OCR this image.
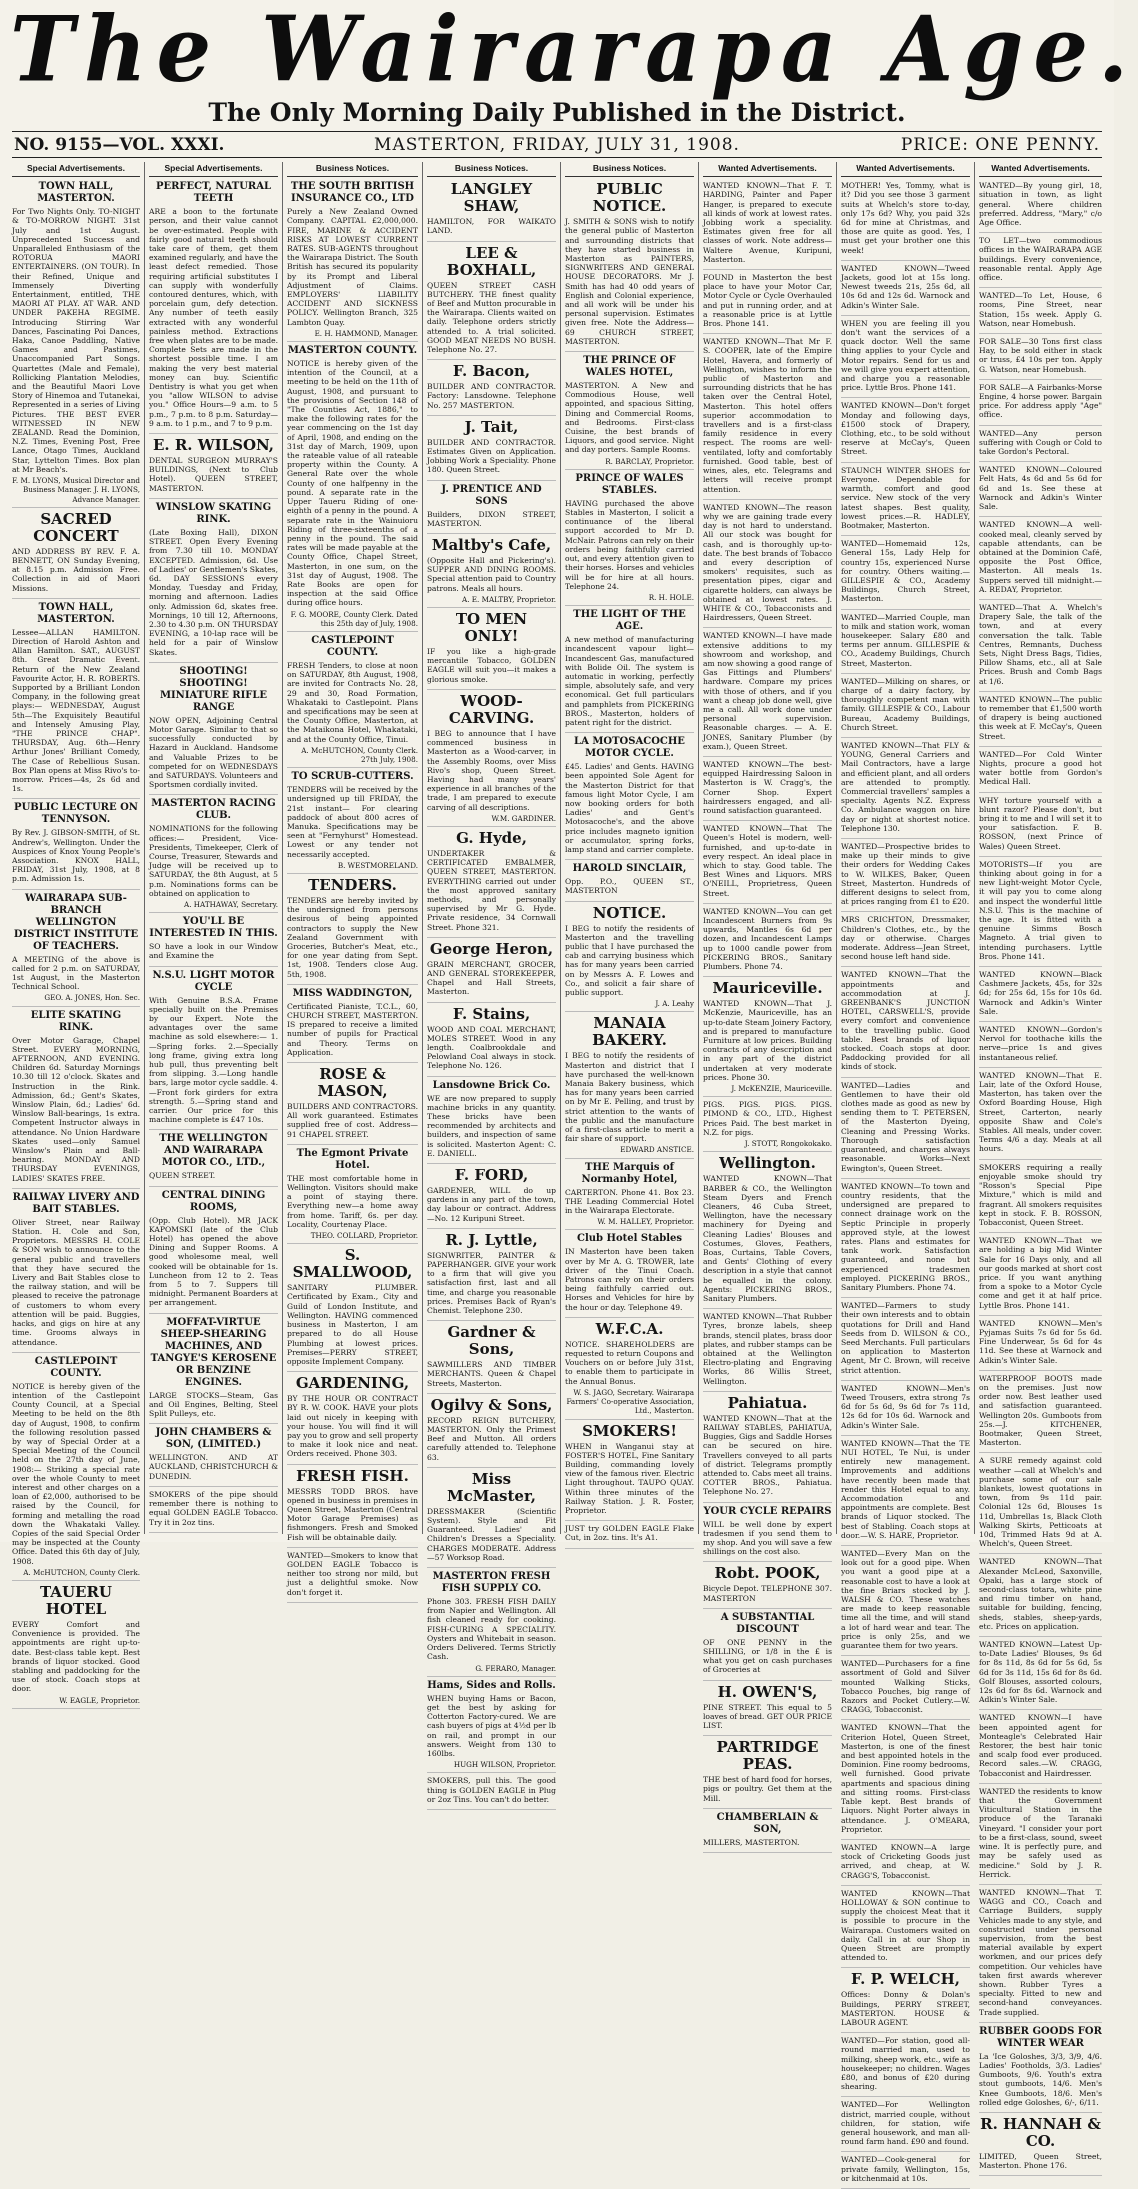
The Wairarapa Age.
The Only Morning Daily Published in the District.
MASTERTON, FRIDAY, JULY 31, 1908.
NO. 9155—VOL. XXXI.	PRICE: ONE PENNY.
Special Advertisements.
TOWN HALL, MASTERTON.
For Two Nights Only. TO-NIGHT & TO-MORROW NIGHT. 31st July and 1st August. Unprecedented Success and Unparalleled Enthusiasm of the ROTORUA MAORI ENTERTAINERS. (ON TOUR). In their Refined, Unique and Immensely Diverting Entertainment, entitled, THE MAORI AT PLAY. AT WAR. AND UNDER PAKEHA REGIME. Introducing Stirring War Dances, Fascinating Poi Dances, Haka, Canoe Paddling, Native Games and Pastimes, Unaccompanied Part Songs. Quartettes (Male and Female), Rollicking Plantation Melodies, and the Beautiful Maori Love Story of Hinemoa and Tutanekai, Represented in a series of Living Pictures. THE BEST EVER WITNESSED IN NEW ZEALAND. Read the Dominion, N.Z. Times, Evening Post, Free Lance, Otago Times, Auckland Star, Lyttelton Times. Box plan at Mr Beach's.
F. M. LYONS, Musical Director and Business Manager. J. H. LYONS, Advance Manager.
SACRED CONCERT
AND ADDRESS BY REV. F. A. BENNETT, ON Sunday Evening, at 8.15 p.m. Admission Free. Collection in aid of Maori Missions.
TOWN HALL, MASTERTON.
Lessee—ALLAN HAMILTON. Direction of Harold Ashton and Allan Hamilton. SAT., AUGUST 8th. Great Dramatic Event. Return of the New Zealand Favourite Actor, H. R. ROBERTS. Supported by a Brilliant London Company, in the following great plays:— WEDNESDAY, August 5th—The Exquisitely Beautiful and Intensely Amusing Play, "THE PRINCE CHAP". THURSDAY, Aug. 6th—Henry Arthur Jones' Brilliant Comedy, The Case of Rebellious Susan. Box Plan opens at Miss Rivo's to-morrow. Prices—4s, 2s 6d and 1s.
PUBLIC LECTURE ON TENNYSON.
By Rev. J. GIBSON-SMITH, of St. Andrew's, Wellington. Under the Auspices of Knox Young People's Association. KNOX HALL, FRIDAY, 31st July, 1908, at 8 p.m. Admission 1s.
WAIRARAPA SUB-BRANCH WELLINGTON DISTRICT INSTITUTE OF TEACHERS.
A MEETING of the above is called for 2 p.m. on SATURDAY, 1st August, in the Masterton Technical School.
GEO. A. JONES, Hon. Sec.
ELITE SKATING RINK.
Over Motor Garage, Chapel Street. EVERY MORNING, AFTERNOON, AND EVENING. Children 6d. Saturday Mornings 10.30 till 12 o'clock. Skates and Instruction in the Rink. Admission, 6d.; Gent's Skates, Winslow Plain, 6d.; Ladies' 6d. Winslow Ball-bearings, 1s extra. Competent Instructor always in attendance. No Union Hardware Skates used—only Samuel Winslow's Plain and Ball-bearing. MONDAY AND THURSDAY EVENINGS, LADIES' SKATES FREE.
RAILWAY LIVERY AND BAIT STABLES.
Oliver Street, near Railway Station. H. Cole and Son, Proprietors. MESSRS H. COLE & SON wish to announce to the general public and travellers that they have secured the Livery and Bait Stables close to the railway station, and will be pleased to receive the patronage of customers to whom every attention will be paid. Buggies, hacks, and gigs on hire at any time. Grooms always in attendance.
CASTLEPOINT COUNTY.
NOTICE is hereby given of the intention of the Castlepoint County Council, at a Special Meeting to be held on the 8th day of August, 1908, to confirm the following resolution passed by way of Special Order at a Special Meeting of the Council held on the 27th day of June, 1908:— Striking a special rate over the whole County to meet interest and other charges on a loan of £2,000, authorised to be raised by the Council, for forming and metalling the road down the Whakataki Valley. Copies of the said Special Order may be inspected at the County Office. Dated this 6th day of July, 1908.
A. McHUTCHON, County Clerk.
TAUERU HOTEL
EVERY Comfort and Convenience is provided. The appointments are right up-to-date. Best-class table kept. Best brands of liquor stocked. Good stabling and paddocking for the use of stock. Coach stops at door.
W. EAGLE, Proprietor.
Special Advertisements.
PERFECT, NATURAL TEETH
ARE a boon to the fortunate person, and their value cannot be over-estimated. People with fairly good natural teeth should take care of them, get them examined regularly, and have the least defect remedied. Those requiring artificial substitutes I can supply with wonderfully contoured dentures, which, with porcelain gum, defy detection. Any number of teeth easily extracted with any wonderful painless method. Extractions free when plates are to be made. Complete Sets are made in the shortest possible time. I am making the very best material money can buy. Scientific Dentistry is what you get when you "allow WILSON to advise you." Office Hours—9 a.m. to 5 p.m., 7 p.m. to 8 p.m. Saturday—9 a.m. to 1 p.m., and 7 to 9 p.m.
E. R. WILSON,
DENTAL SURGEON MURRAY'S BUILDINGS, (Next to Club Hotel). QUEEN STREET, MASTERTON.
WINSLOW SKATING RINK.
(Late Boxing Hall), DIXON STREET. Open Every Evening from 7.30 till 10. MONDAY EXCEPTED. Admission, 6d. Use of Ladies' or Gentlemen's Skates, 6d. DAY SESSIONS every Monday, Tuesday and Friday, morning and afternoon. Ladies only. Admission 6d, skates free. Mornings, 10 till 12, Afternoons, 2.30 to 4.30 p.m. ON THURSDAY EVENING, a 10-lap race will be held for a pair of Winslow Skates.
SHOOTING! SHOOTING! MINIATURE RIFLE RANGE
NOW OPEN, Adjoining Central Motor Garage. Similar to that so successfully conducted by Hazard in Auckland. Handsome and Valuable Prizes to be competed for on WEDNESDAYS and SATURDAYS. Volunteers and Sportsmen cordially invited.
MASTERTON RACING CLUB.
NOMINATIONS for the following offices:— President, Vice-Presidents, Timekeeper, Clerk of Course, Treasurer, Stewards and Judge will be received up to SATURDAY, the 8th August, at 5 p.m. Nominations forms can be obtained on application to
A. HATHAWAY, Secretary.
YOU'LL BE INTERESTED IN THIS.
SO have a look in our Window and Examine the
N.S.U. LIGHT MOTOR CYCLE
With Genuine B.S.A. Frame specially built on the Premises by our Expert. Note the advantages over the same machine as sold elsewhere:— 1.—Spring forks. 2.—Specially long frame, giving extra long hub pull, thus preventing belt from slipping. 3.—Long handle bars, large motor cycle saddle. 4.—Front fork girders for extra strength. 5.—Spring stand and carrier. Our price for this machine complete is £47 10s.
THE WELLINGTON AND WAIRARAPA MOTOR CO., LTD.,
QUEEN STREET.
CENTRAL DINING ROOMS,
(Opp. Club Hotel). MR JACK KAPOMSKI (late of the Club Hotel) has opened the above Dining and Supper Rooms. A good wholesome meal, well cooked will be obtainable for 1s. Luncheon from 12 to 2. Teas from 5 to 7. Suppers till midnight. Permanent Boarders at per arrangement.
MOFFAT-VIRTUE SHEEP-SHEARING MACHINES, AND TANGYE'S KEROSENE OR BENZINE ENGINES.
LARGE STOCKS—Steam, Gas and Oil Engines, Belting, Steel Split Pulleys, etc.
JOHN CHAMBERS & SON, (LIMITED.)
WELLINGTON. AND AT AUCKLAND, CHRISTCHURCH & DUNEDIN.
SMOKERS of the pipe should remember there is nothing to equal GOLDEN EAGLE Tobacco. Try it in 2oz tins.
Business Notices.
THE SOUTH BRITISH INSURANCE CO., LTD
Purely a New Zealand Owned Company. CAPITAL £2,000,000. FIRE, MARINE & ACCIDENT RISKS AT LOWEST CURRENT RATES. SUB-AGENTS throughout the Wairarapa District. The South British has secured its popularity by its Prompt and Liberal Adjustment of Claims. EMPLOYERS' LIABILITY ACCIDENT AND SICKNESS POLICY. Wellington Branch, 325 Lambton Quay.
E. H. HAMMOND, Manager.
MASTERTON COUNTY.
NOTICE is hereby given of the intention of the Council, at a meeting to be held on the 11th of August, 1908, and pursuant to the provisions of Section 148 of "The Counties Act, 1886," to make the following rates for the year commencing on the 1st day of April, 1908, and ending on the 31st day of March, 1909, upon the rateable value of all rateable property within the County. A General Rate over the whole County of one halfpenny in the pound. A separate rate in the Upper Taueru Riding of one-eighth of a penny in the pound. A separate rate in the Wainuioru Riding of three-sixteenths of a penny in the pound. The said rates will be made payable at the County Office, Chapel Street, Masterton, in one sum, on the 31st day of August, 1908. The Rate Books are open for inspection at the said Office during office hours.
F. G. MOORE, County Clerk. Dated this 25th day of July, 1908.
CASTLEPOINT COUNTY.
FRESH Tenders, to close at noon on SATURDAY, 8th August, 1908, are invited for Contracts No. 28, 29 and 30, Road Formation, Whakataki to Castlepoint. Plans and specifications may be seen at the County Office, Masterton, at the Mataikona Hotel, Whakataki, and at the County Office, Tinui.
A. McHUTCHON, County Clerk. 27th July, 1908.
TO SCRUB-CUTTERS.
TENDERS will be received by the undersigned up till FRIDAY, the 21st instant— For clearing paddock of about 800 acres of Manuka. Specifications may be seen at "Fernyhurst" Homestead. Lowest or any tender not necessarily accepted.
B. WESTMORELAND.
TENDERS.
TENDERS are hereby invited by the undersigned from persons desirous of being appointed contractors to supply the New Zealand Government with Groceries, Butcher's Meat, etc., for one year dating from Sept. 1st, 1908. Tenders close Aug. 5th, 1908.
MISS WADDINGTON,
Certificated Pianiste, T.C.L., 60, CHURCH STREET, MASTERTON. IS prepared to receive a limited number of pupils for Practical and Theory. Terms on Application.
ROSE & MASON,
BUILDERS AND CONTRACTORS. All work guaranteed. Estimates supplied free of cost. Address— 91 CHAPEL STREET.
The Egmont Private Hotel.
THE most comfortable home in Wellington. Visitors should make a point of staying there. Everything new—a home away from home. Tariff, 6s. per day. Locality, Courtenay Place.
THEO. COLLARD, Proprietor.
S. SMALLWOOD,
SANITARY PLUMBER. Certificated by Exam., City and Guild of London Institute, and Wellington. HAVING commenced business in Masterton, I am prepared to do all House Plumbing at lowest prices. Premises—PERRY STREET, opposite Implement Company.
GARDENING,
BY THE HOUR OR CONTRACT BY R. W. COOK. HAVE your plots laid out nicely in keeping with your house. You will find it will pay you to grow and sell property to make it look nice and neat. Orders received. Phone 303.
FRESH FISH.
MESSRS TODD BROS. have opened in business in premises in Queen Street, Masterton (Central Motor Garage Premises) as fishmongers. Fresh and Smoked Fish will be obtainable daily.
WANTED—Smokers to know that GOLDEN EAGLE Tobacco is neither too strong nor mild, but just a delightful smoke. Now don't forget it.
Business Notices.
LANGLEY SHAW,
HAMILTON, FOR WAIKATO LAND.
LEE & BOXHALL,
QUEEN STREET CASH BUTCHERY. THE finest quality of Beef and Mutton procurable in the Wairarapa. Clients waited on daily. Telephone orders strictly attended to. A trial solicited. GOOD MEAT NEEDS NO BUSH. Telephone No. 27.
F. Bacon,
BUILDER AND CONTRACTOR. Factory: Lansdowne. Telephone No. 257 MASTERTON.
J. Tait,
BUILDER AND CONTRACTOR. Estimates Given on Application. Jobbing Work a Speciality. Phone 180. Queen Street.
J. PRENTICE AND SONS
Builders, DIXON STREET, MASTERTON.
Maltby's Cafe,
(Opposite Hall and Pickering's). SUPPER AND DINING ROOMS. Special attention paid to Country patrons. Meals all hours.
A. E. MALTBY, Proprietor.
TO MEN ONLY!
IF you like a high-grade mercantile Tobacco, GOLDEN EAGLE will suit you—it makes a glorious smoke.
WOOD-CARVING.
I BEG to announce that I have commenced business in Masterton as a Wood-carver, in the Assembly Rooms, over Miss Rivo's shop, Queen Street. Having had many years' experience in all branches of the trade, I am prepared to execute carving of all descriptions.
W.M. GARDINER.
G. Hyde,
UNDERTAKER & CERTIFICATED EMBALMER, QUEEN STREET, MASTERTON. EVERYTHING carried out under the most approved sanitary methods, and personally supervised by Mr G. Hyde. Private residence, 34 Cornwall Street. Phone 321.
George Heron,
GRAIN MERCHANT, GROCER, AND GENERAL STOREKEEPER, Chapel and Hall Streets, Masterton.
F. Stains,
WOOD AND COAL MERCHANT, MOLES STREET. Wood in any length. Coalbrookdale and Pelowland Coal always in stock. Telephone No. 126.
Lansdowne Brick Co.
WE are now prepared to supply machine bricks in any quantity. These bricks have been recommended by architects and builders, and inspection of same is solicited. Masterton Agent: C. E. DANIELL.
F. FORD,
GARDENER, WILL do up gardens in any part of the town, day labour or contract. Address—No. 12 Kuripuni Street.
R. J. Lyttle,
SIGNWRITER, PAINTER & PAPERHANGER. GIVE your work to a firm that will give you satisfaction first, last and all time, and charge you reasonable prices. Premises Back of Ryan's Chemist. Telephone 230.
Gardner & Sons,
SAWMILLERS AND TIMBER MERCHANTS. Queen & Chapel Streets, Masterton.
Ogilvy & Sons,
RECORD REIGN BUTCHERY, MASTERTON. Only the Primest Beef and Mutton. All orders carefully attended to. Telephone 63.
Miss McMaster,
DRESSMAKER (Scientific System). Style and Fit Guaranteed. Ladies' and Children's Dresses a Speciality. CHARGES MODERATE. Address—57 Worksop Road.
MASTERTON FRESH FISH SUPPLY CO.
Phone 303. FRESH FISH DAILY from Napier and Wellington. All fish cleaned ready for cooking. FISH-CURING A SPECIALITY. Oysters and Whitebait in season. Orders Delivered. Terms Strictly Cash.
G. FERARO, Manager.
Hams, Sides and Rolls.
WHEN buying Hams or Bacon, get the best by asking for Cotterton Factory-cured. We are cash buyers of pigs at 4½d per lb on rail, and prompt in our answers. Weight from 130 to 160lbs.
HUGH WILSON, Proprietor.
SMOKERS, pull this. The good thing is GOLDEN EAGLE in Plug or 2oz Tins. You can't do better.
Business Notices.
PUBLIC NOTICE.
J. SMITH & SONS wish to notify the general public of Masterton and surrounding districts that they have started business in Masterton as PAINTERS, SIGNWRITERS AND GENERAL HOUSE DECORATORS. Mr J. Smith has had 40 odd years of English and Colonial experience, and all work will be under his personal supervision. Estimates given free. Note the Address— 69 CHURCH STREET, MASTERTON.
THE PRINCE OF WALES HOTEL,
MASTERTON. A New and Commodious House, well appointed, and spacious Sitting, Dining and Commercial Rooms, and Bedrooms. First-class Cuisine, the best brands of Liquors, and good service. Night and day porters. Sample Rooms.
R. BARCLAY, Proprietor.
PRINCE OF WALES STABLES.
HAVING purchased the above Stables in Masterton, I solicit a continuance of the liberal support accorded to Mr D. McNair. Patrons can rely on their orders being faithfully carried out, and every attention given to their horses. Horses and vehicles will be for hire at all hours. Telephone 24.
R. H. HOLE.
THE LIGHT OF THE AGE.
A new method of manufacturing incandescent vapour light—Incandescent Gas, manufactured with Bolide Oil. The system is automatic in working, perfectly simple, absolutely safe, and very economical. Get full particulars and pamphlets from PICKERING BROS., Masterton, holders of patent right for the district.
LA MOTOSACOCHE MOTOR CYCLE.
£45. Ladies' and Gents. HAVING been appointed Sole Agent for the Masterton District for that famous light Motor Cycle, I am now booking orders for both Ladies' and Gent's Motosacoche's, and the above price includes magneto ignition or accumulator, spring forks, lamp stand and carrier complete.
HAROLD SINCLAIR,
Opp. P.O., QUEEN ST., MASTERTON
NOTICE.
I BEG to notify the residents of Masterton and the travelling public that I have purchased the cab and carrying business which has for many years been carried on by Messrs A. F. Lowes and Co., and solicit a fair share of public support.
J. A. Leahy
MANAIA BAKERY.
I BEG to notify the residents of Masterton and district that I have purchased the well-known Manaia Bakery business, which has for many years been carried on by Mr E. Pelling, and trust by strict attention to the wants of the public and the manufacture of a first-class article to merit a fair share of support.
EDWARD ANSTICE.
THE Marquis of Normanby Hotel,
CARTERTON. Phone 41. Box 23. THE Leading Commercial Hotel in the Wairarapa Electorate.
W. M. HALLEY, Proprietor.
Club Hotel Stables
IN Masterton have been taken over by Mr A. G. TROWER, late driver of the Tinui Coach. Patrons can rely on their orders being faithfully carried out. Horses and Vehicles for hire by the hour or day. Telephone 49.
W.F.C.A.
NOTICE. SHAREHOLDERS are requested to return Coupons and Vouchers on or before July 31st, to enable them to participate in the Annual Bonus.
W. S. JAGO, Secretary. Wairarapa Farmers' Co-operative Association, Ltd., Masterton.
SMOKERS!
WHEN in Wanganui stay at FOSTER'S HOTEL, Fine Sanitary Building, commanding lovely view of the famous river. Electric Light throughout. TAUPO QUAY. Within three minutes of the Railway Station. J. R. Foster, Proprietor.
JUST try GOLDEN EAGLE Flake Cut, in 2oz. tins. It's A1.
Wanted Advertisements.
WANTED KNOWN—That F. T. HARDING, Painter and Paper Hanger, is prepared to execute all kinds of work at lowest rates. Jobbing work a speciality. Estimates given free for all classes of work. Note address—Waltere Avenue, Kuripuni, Masterton.
FOUND in Masterton the best place to have your Motor Car, Motor Cycle or Cycle Overhauled and put in running order, and at a reasonable price is at Lyttle Bros. Phone 141.
WANTED KNOWN—That Mr F. S. COOPER, late of the Empire Hotel, Havera, and formerly of Wellington, wishes to inform the public of Masterton and surrounding districts that he has taken over the Central Hotel, Masterton. This hotel offers superior accommodation to travellers and is a first-class family residence in every respect. The rooms are well-ventilated, lofty and comfortably furnished. Good table, best of wines, ales, etc. Telegrams and letters will receive prompt attention.
WANTED KNOWN—The reason why we are gaining trade every day is not hard to understand. All our stock was bought for cash, and is thoroughly up-to-date. The best brands of Tobacco and every description of smokers' requisites, such as presentation pipes, cigar and cigarette holders, can always be obtained at lowest rates. J. WHITE & CO., Tobacconists and Hairdressers, Queen Street.
WANTED KNOWN—I have made extensive additions to my showroom and workshop, and am now showing a good range of Gas Fittings and Plumbers' hardware. Compare my prices with those of others, and if you want a cheap job done well, give me a call. All work done under personal supervision. Reasonable charges. — A. E. JONES, Sanitary Plumber (by exam.), Queen Street.
WANTED KNOWN—The best-equipped Hairdressing Saloon in Masterton is W. Cragg's, the Corner Shop. Expert hairdressers engaged, and all-round satisfaction guaranteed.
WANTED KNOWN—That The Queen's Hotel is modern, well-furnished, and up-to-date in every respect. An ideal place in which to stay. Good table. The Best Wines and Liquors. MRS O'NEILL, Proprietress, Queen Street.
WANTED KNOWN—You can get Incandescent Burners from 9s upwards, Mantles 6s 6d per dozen, and Incandescent Lamps up to 1000 candle power from PICKERING BROS., Sanitary Plumbers. Phone 74.
Mauriceville.
WANTED KNOWN—That J. McKenzie, Mauriceville, has an up-to-date Steam Joinery Factory, and is prepared to manufacture Furniture at low prices. Building contracts of any description and in any part of the district undertaken at very moderate prices. Phone 30.
J. McKENZIE, Mauriceville.
PIGS. PIGS. PIGS. PIGS. PIMOND & CO., LTD., Highest Prices Paid. The best market in N.Z. for pigs.
J. STOTT, Rongokokako.
Wellington.
WANTED KNOWN—That BARBER & CO., the Wellington Steam Dyers and French Cleaners, 46 Cuba Street, Wellington, have the necessary machinery for Dyeing and Cleaning Ladies' Blouses and Costumes, Gloves, Feathers, Boas, Curtains, Table Covers, and Gents' Clothing of every description in a style that cannot be equalled in the colony. Agents: PICKERING BROS., Sanitary Plumbers.
WANTED KNOWN—That Rubber Tyres, bronze labels, sheep brands, stencil plates, brass door plates, and rubber stamps can be obtained at the Wellington Electro-plating and Engraving Works, 86 Willis Street, Wellington.
Pahiatua.
WANTED KNOWN—That at the RAILWAY STABLES, PAHIATUA, Buggies, Gigs and Saddle Horses can be secured on hire. Travellers conveyed to all parts of district. Telegrams promptly attended to. Cabs meet all trains. COTTER BROS., Pahiatua. Telephone No. 27.
YOUR CYCLE REPAIRS
WILL be well done by expert tradesmen if you send them to my shop. And you will save a few shillings on the cost also.
Robt. POOK,
Bicycle Depot. TELEPHONE 307. MASTERTON
A SUBSTANTIAL DISCOUNT
OF ONE PENNY in the SHILLING, or 1/8 in the £ is what you get on cash purchases of Groceries at
H. OWEN'S,
PINE STREET. This equal to 5 loaves of bread. GET OUR PRICE LIST.
PARTRIDGE PEAS.
THE best of hard food for horses, pigs or poultry. Get them at the Mill.
CHAMBERLAIN & SON,
MILLERS, MASTERTON.
Wanted Advertisements.
MOTHER! Yes, Tommy, what is it? Did you see those 3 garment suits at Whelch's store to-day, only 17s 6d? Why, you paid 32s 6d for mine at Christmas, and those are quite as good. Yes, I must get your brother one this week!
WANTED KNOWN—Tweed Jackets, good lot at 15s long. Newest tweeds 21s, 25s 6d, all 10s 6d and 12s 6d. Warnock and Adkin's Winter Sale.
WHEN you are feeling ill you don't want the services of a quack doctor. Well the same thing applies to your Cycle and Motor repairs. Send for us and we will give you expert attention, and charge you a reasonable price. Lyttle Bros. Phone 141.
WANTED KNOWN—Don't forget Monday and following days, £1500 stock of Drapery, Clothing, etc., to be sold without reserve at McCay's, Queen Street.
STAUNCH WINTER SHOES for Everyone. Dependable for warmth, comfort and good service. New stock of the very latest shapes. Best quality, lowest prices.—R. HADLEY, Bootmaker, Masterton.
WANTED—Homemaid 12s, General 15s, Lady Help for country 15s, experienced Nurse for country. Others waiting.—GILLESPIE & CO., Academy Buildings, Church Street, Masterton.
WANTED—Married Couple, man to milk and station work, woman housekeeper. Salary £80 and terms per annum. GILLESPIE & CO., Academy Buildings, Church Street, Masterton.
WANTED—Milking on shares, or charge of a dairy factory, by thoroughly competent man with family. GILLESPIE & CO., Labour Bureau, Academy Buildings, Church Street.
WANTED KNOWN—That FLY & YOUNG, General Carriers and Mail Contractors, have a large and efficient plant, and all orders are attended to promptly. Commercial travellers' samples a specialty. Agents N.Z. Express Co. Ambulance waggon on hire day or night at shortest notice. Telephone 130.
WANTED—Prospective brides to make up their minds to give their orders for Wedding Cakes to W. WILKES, Baker, Queen Street, Masterton. Hundreds of different designs to select from, at prices ranging from £1 to £20.
MRS CRICHTON, Dressmaker, Children's Clothes, etc., by the day or otherwise. Charges moderate. Address—Jean Street, second house left hand side.
WANTED KNOWN—That the appointments and accommodation at J. GREENBANK'S JUNCTION HOTEL, CARSWELL'S, provide every comfort and convenience to the travelling public. Good table. Best brands of liquor stocked. Coach stops at door. Paddocking provided for all kinds of stock.
WANTED—Ladies and Gentlemen to have their old clothes made as good as new by sending them to T. PETERSEN, of the Masterton Dyeing, Cleaning and Pressing Works. Thorough satisfaction guaranteed, and charges always reasonable. Works—Next Ewington's, Queen Street.
WANTED KNOWN—To town and country residents, that the undersigned are prepared to connect drainage work on the Septic Principle in properly approved style, at the lowest rates. Plans and estimates for tank work. Satisfaction guaranteed, and none but experienced tradesmen employed. PICKERING BROS., Sanitary Plumbers. Phone 74.
WANTED—Farmers to study their own interests and to obtain quotations for Drill and Hand Seeds from D. WILSON & CO., Seed Merchants. Full particulars on application to Masterton Agent, Mr C. Brown, will receive strict attention.
WANTED KNOWN—Men's Tweed Trousers, extra strong 7s 6d for 5s 6d, 9s 6d for 7s 11d, 12s 6d for 10s 6d. Warnock and Adkin's Winter Sale.
WANTED KNOWN—That the TE NUI HOTEL, Te Nui, is under entirely new management. Improvements and additions have recently been made that render this Hotel equal to any. Accommodation and appointments are complete. Best brands of Liquor stocked. The best of Stabling. Coach stops at door.—W. S. HARE, Proprietor.
WANTED—Every Man on the look out for a good pipe. When you want a good pipe at a reasonable cost to have a look at the fine Briars stocked by J. WALSH & CO. These watches are made to keep reasonable time all the time, and will stand a lot of hard wear and tear. The price is only 25s, and we guarantee them for two years.
WANTED—Purchasers for a fine assortment of Gold and Silver mounted Walking Sticks, Tobacco Pouches, big range of Razors and Pocket Cutlery.—W. CRAGG, Tobacconist.
WANTED KNOWN—That the Criterion Hotel, Queen Street, Masterton, is one of the finest and best appointed hotels in the Dominion. Fine roomy bedrooms, well furnished. Good private apartments and spacious dining and sitting rooms. First-class Table kept. Best brands of Liquors. Night Porter always in attendance. J. O'MEARA, Proprietor.
WANTED KNOWN—A large stock of Cricketing Goods just arrived, and cheap, at W. CRAGG'S, Tobacconist.
WANTED KNOWN—That HOLLOWAY & SON continue to supply the choicest Meat that it is possible to procure in the Wairarapa. Customers waited on daily. Call in at our Shop in Queen Street are promptly attended to.
F. P. WELCH,
Offices: Donny & Dolan's Buildings, PERRY STREET, MASTERTON. HOUSE & LABOUR AGENT.
WANTED—For station, good all-round married man, used to milking, sheep work, etc., wife as housekeeper; no children. Wages £80, and bonus of £20 during shearing.
WANTED—For Wellington district, married couple, without children, for station, wife general housework, and man all-round farm hand. £90 and found.
WANTED—Cook-general for private family, Wellington, 15s, or kitchenmaid at 10s.
Wanted Advertisements.
WANTED—By young girl, 18, situation in town, as light general. Where children preferred. Address, "Mary," c/o Age Office.
TO LET—two commodious offices in the WAIRARAPA AGE buildings. Every convenience, reasonable rental. Apply Age office.
WANTED—To Let, House, 6 rooms, Pine Street, near Station, 15s week. Apply G. Watson, near Homebush.
FOR SALE—30 Tons first class Hay, to be sold either in stack or truss, £4 10s per ton. Apply G. Watson, near Homebush.
FOR SALE—A Fairbanks-Morse Engine, 4 horse power. Bargain price. For address apply "Age" office.
WANTED—Any person suffering with Cough or Cold to take Gordon's Pectoral.
WANTED KNOWN—Coloured Felt Hats, 4s 6d and 5s 6d for 6d and 1s. See these at Warnock and Adkin's Winter Sale.
WANTED KNOWN—A well-cooked meal, cleanly served by capable attendants, can be obtained at the Dominion Café, opposite the Post Office, Masterton. All meals 1s. Suppers served till midnight.—A. REDAY, Proprietor.
WANTED—That A. Whelch's Drapery Sale, the talk of the town, and at every conversation the talk. Table Centres, Remnants, Duchess Sets, Night Dress Bags, Tidies, Pillow Shams, etc., all at Sale Prices. Brush and Comb Bags at 1/6.
WANTED KNOWN—The public to remember that £1,500 worth of drapery is being auctioned this week at F. McCay's, Queen Street.
WANTED—For Cold Winter Nights, procure a good hot water bottle from Gordon's Medical Hall.
WHY torture yourself with a blunt razor? Please don't, but bring it to me and I will set it to your satisfaction. F. B. ROSSON, (next Prince of Wales) Queen Street.
MOTORISTS—If you are thinking about going in for a new Light-weight Motor Cycle, it will pay you to come along and inspect the wonderful little N.S.U. This is the machine of the age. It is fitted with a genuine Simms Bosch Magneto. A trial given to intending purchasers. Lyttle Bros. Phone 141.
WANTED KNOWN—Black Cashmere Jackets, 45s, for 32s 6d; for 25s 6d, 15s for 10s 6d. Warnock and Adkin's Winter Sale.
WANTED KNOWN—Gordon's Nervol for toothache kills the nerve—price 1s and gives instantaneous relief.
WANTED KNOWN—That E. Lair, late of the Oxford House, Masterton, has taken over the Oxford Boarding House, High Street, Carterton, nearly opposite Shaw and Cole's Stables. All meals, under cover. Terms 4/6 a day. Meals at all hours.
SMOKERS requiring a really enjoyable smoke should try "Rosson's Special Pipe Mixture," which is mild and fragrant. All smokers requisites kept in stock. F. B. ROSSON, Tobacconist, Queen Street.
WANTED KNOWN—That we are holding a big Mid Winter Sale for 16 Days only, and all our goods marked at short cost price. If you want anything from a spoke to a Motor Cycle come and get it at half price. Lyttle Bros. Phone 141.
WANTED KNOWN—Men's Pyjamas Suits 7s 6d for 5s 6d. Fine Underwear, 5s 6d for 4s 11d. See these at Warnock and Adkin's Winter Sale.
WATERPROOF BOOTS made on the premises. Just now order now. Best leather used and satisfaction guaranteed. Wellington 20s. Gumboots from 25s.—J. KITCHENER, Bootmaker, Queen Street, Masterton.
A SURE remedy against cold weather —call at Whelch's and purchase some of our sale blankets, lowest quotations in town, from 9s 11d pair. Colonial 12s 6d, Blouses 1s 11d, Umbrellas 1s, Black Cloth Walking Skirts, Petticoats at 10d, Trimmed Hats 9d at A. Whelch's, Queen Street.
WANTED KNOWN—That Alexander McLeod, Saxonville, Opaki, has a large stock of second-class totara, white pine and rimu timber on hand, suitable for building, fencing, sheds, stables, sheep-yards, etc. Prices on application.
WANTED KNOWN—Latest Up-to-Date Ladies' Blouses, 9s 6d for 8s 11d, 8s 6d for 5s 6d, 5s 6d for 3s 11d, 15s 6d for 8s 6d. Golf Blouses, assorted colours, 12s 6d for 8s 6d. Warnock and Adkin's Winter Sale.
WANTED KNOWN—I have been appointed agent for Monteagle's Celebrated Hair Restorer, the best hair tonic and scalp food ever produced. Record sales.—W. CRAGG, Tobacconist and Hairdresser.
WANTED the residents to know that the Government Viticultural Station in the produce of the Taranaki Vineyard. "I consider your port to be a first-class, sound, sweet wine. It is perfectly pure, and may be safely used as medicine." Sold by J. R. Herrick.
WANTED KNOWN—That T. WAGG and CO., Coach and Carriage Builders, supply Vehicles made to any style, and constructed under personal supervision, from the best material available by expert workmen, and our prices defy competition. Our vehicles have taken first awards wherever shown. Rubber Tyres a specialty. Fitted to new and second-hand conveyances. Trade supplied.
RUBBER GOODS FOR WINTER WEAR
La 'Ice Goloshes, 3/3, 3/9, 4/6. Ladies' Footholds, 3/3. Ladies' Gumboots, 9/6. Youth's extra stout gumboots, 14/6. Men's Knee Gumboots, 18/6. Men's rolled edge Goloshes, 6/-, 6/11.
R. HANNAH & CO.
LIMITED, Queen Street, Masterton. Phone 176.
